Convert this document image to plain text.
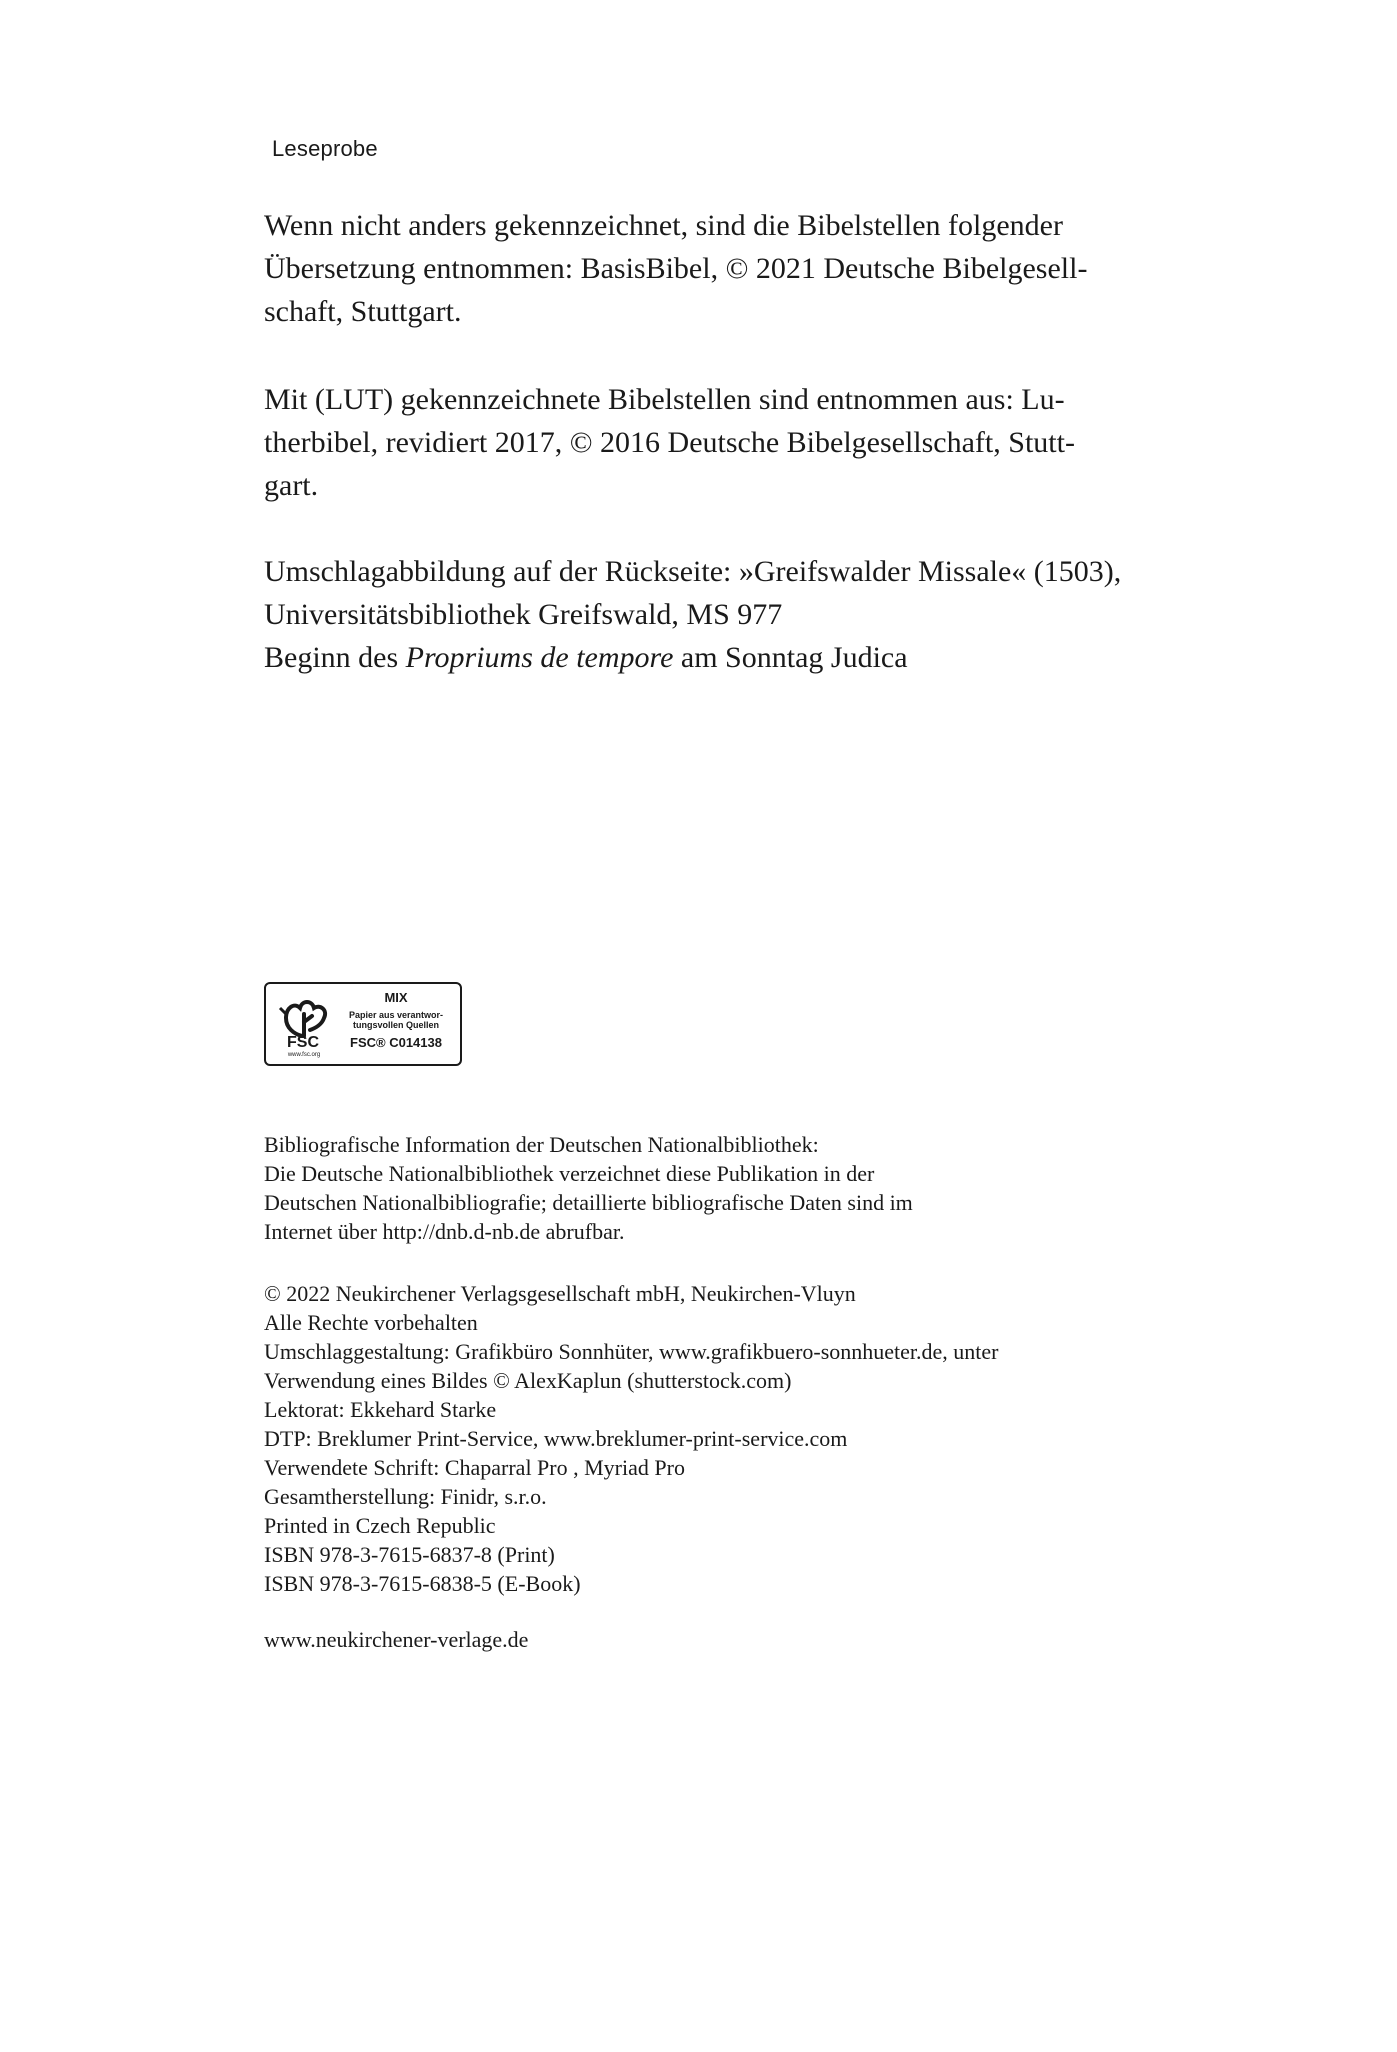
Leseprobe

Wenn nicht anders gekennzeichnet, sind die Bibelstellen folgender

Übersetzung entnommen: BasisBibel, © 2021 Deutsche Bibelgesell-

schaft, Stuttgart.

Mit (LUT) gekennzeichnete Bibelstellen sind entnommen aus: Lu-

therbibel, revidiert 2017, © 2016 Deutsche Bibelgesellschaft, Stutt-

gart.

Umschlagabbildung auf der Rückseite: »Greifswalder Missale« (1503),

Universitätsbibliothek Greifswald, MS 977

Beginn des Propriums de tempore am Sonntag Judica

FSC
www.fsc.org
MIX
Papier aus verantwor-
tungsvollen Quellen
FSC® C014138
Bibliografische Information der Deutschen Nationalbibliothek:
Die Deutsche Nationalbibliothek verzeichnet diese Publikation in der
Deutschen Nationalbibliografie; detaillierte bibliografische Daten sind im
Internet über http://dnb.d-nb.de abrufbar.
© 2022 Neukirchener Verlagsgesellschaft mbH, Neukirchen-Vluyn
Alle Rechte vorbehalten
Umschlaggestaltung: Grafikbüro Sonnhüter, www.grafikbuero-sonnhueter.de, unter
Verwendung eines Bildes © AlexKaplun (shutterstock.com)
Lektorat: Ekkehard Starke
DTP: Breklumer Print-Service, www.breklumer-print-service.com
Verwendete Schrift: Chaparral Pro , Myriad Pro
Gesamtherstellung: Finidr, s.r.o.
Printed in Czech Republic
ISBN 978-3-7615-6837-8 (Print)
ISBN 978-3-7615-6838-5 (E-Book)
www.neukirchener-verlage.de
